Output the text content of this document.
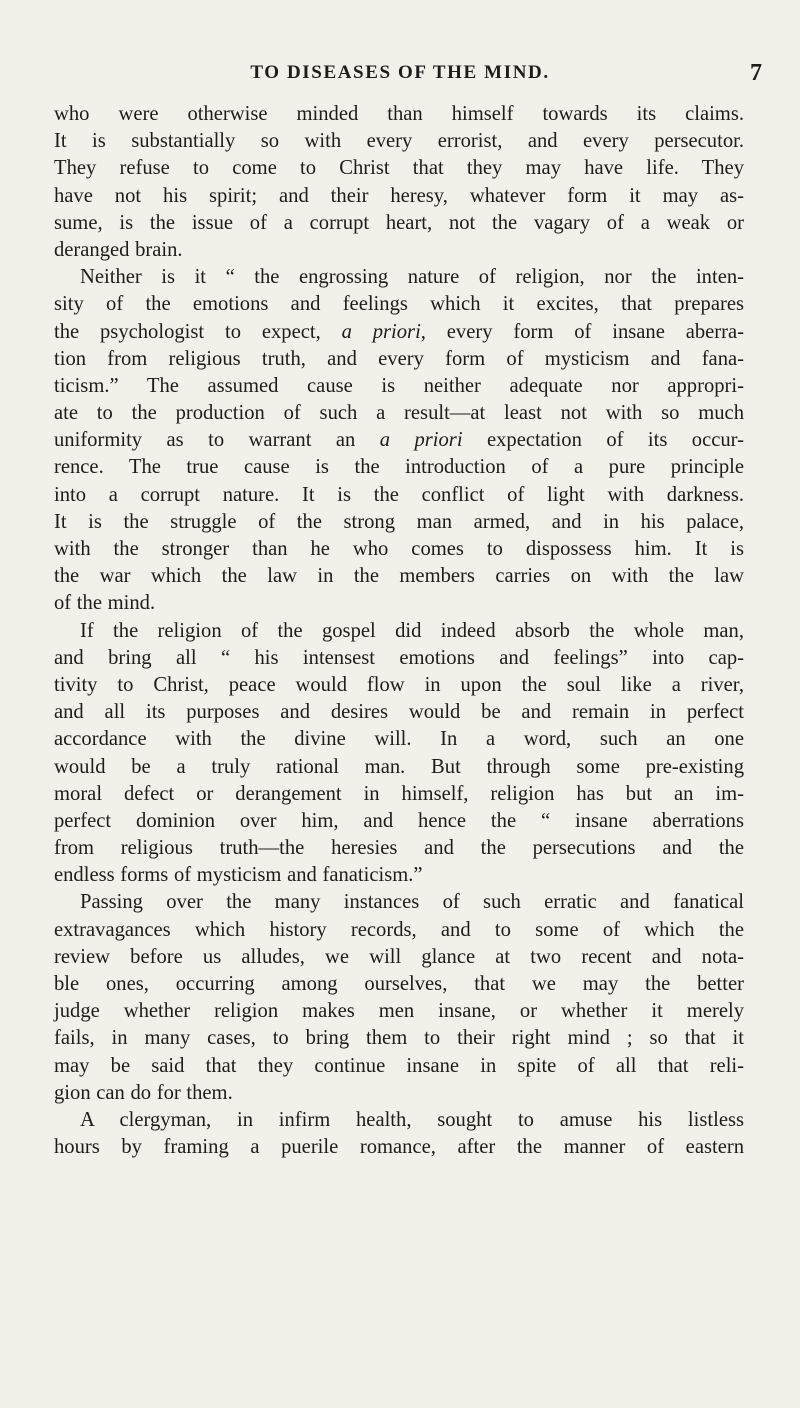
TO DISEASES OF THE MIND.	7
who were otherwise minded than himself towards its claims.
It is substantially so with every errorist, and every persecutor.
They refuse to come to Christ that they may have life. They
have not his spirit; and their heresy, whatever form it may as-
sume, is the issue of a corrupt heart, not the vagary of a weak or
deranged brain.
Neither is it “ the engrossing nature of religion, nor the inten-
sity of the emotions and feelings which it excites, that prepares
the psychologist to expect, a priori, every form of insane aberra-
tion from religious truth, and every form of mysticism and fana-
ticism.” The assumed cause is neither adequate nor appropri-
ate to the production of such a result—at least not with so much
uniformity as to warrant an a priori expectation of its occur-
rence. The true cause is the introduction of a pure principle
into a corrupt nature. It is the conflict of light with darkness.
It is the struggle of the strong man armed, and in his palace,
with the stronger than he who comes to dispossess him. It is
the war which the law in the members carries on with the law
of the mind.
If the religion of the gospel did indeed absorb the whole man,
and bring all “ his intensest emotions and feelings” into cap-
tivity to Christ, peace would flow in upon the soul like a river,
and all its purposes and desires would be and remain in perfect
accordance with the divine will. In a word, such an one
would be a truly rational man. But through some pre-existing
moral defect or derangement in himself, religion has but an im-
perfect dominion over him, and hence the “ insane aberrations
from religious truth—the heresies and the persecutions and the
endless forms of mysticism and fanaticism.”
Passing over the many instances of such erratic and fanatical
extravagances which history records, and to some of which the
review before us alludes, we will glance at two recent and nota-
ble ones, occurring among ourselves, that we may the better
judge whether religion makes men insane, or whether it merely
fails, in many cases, to bring them to their right mind ; so that it
may be said that they continue insane in spite of all that reli-
gion can do for them.
A clergyman, in infirm health, sought to amuse his listless
hours by framing a puerile romance, after the manner of eastern
